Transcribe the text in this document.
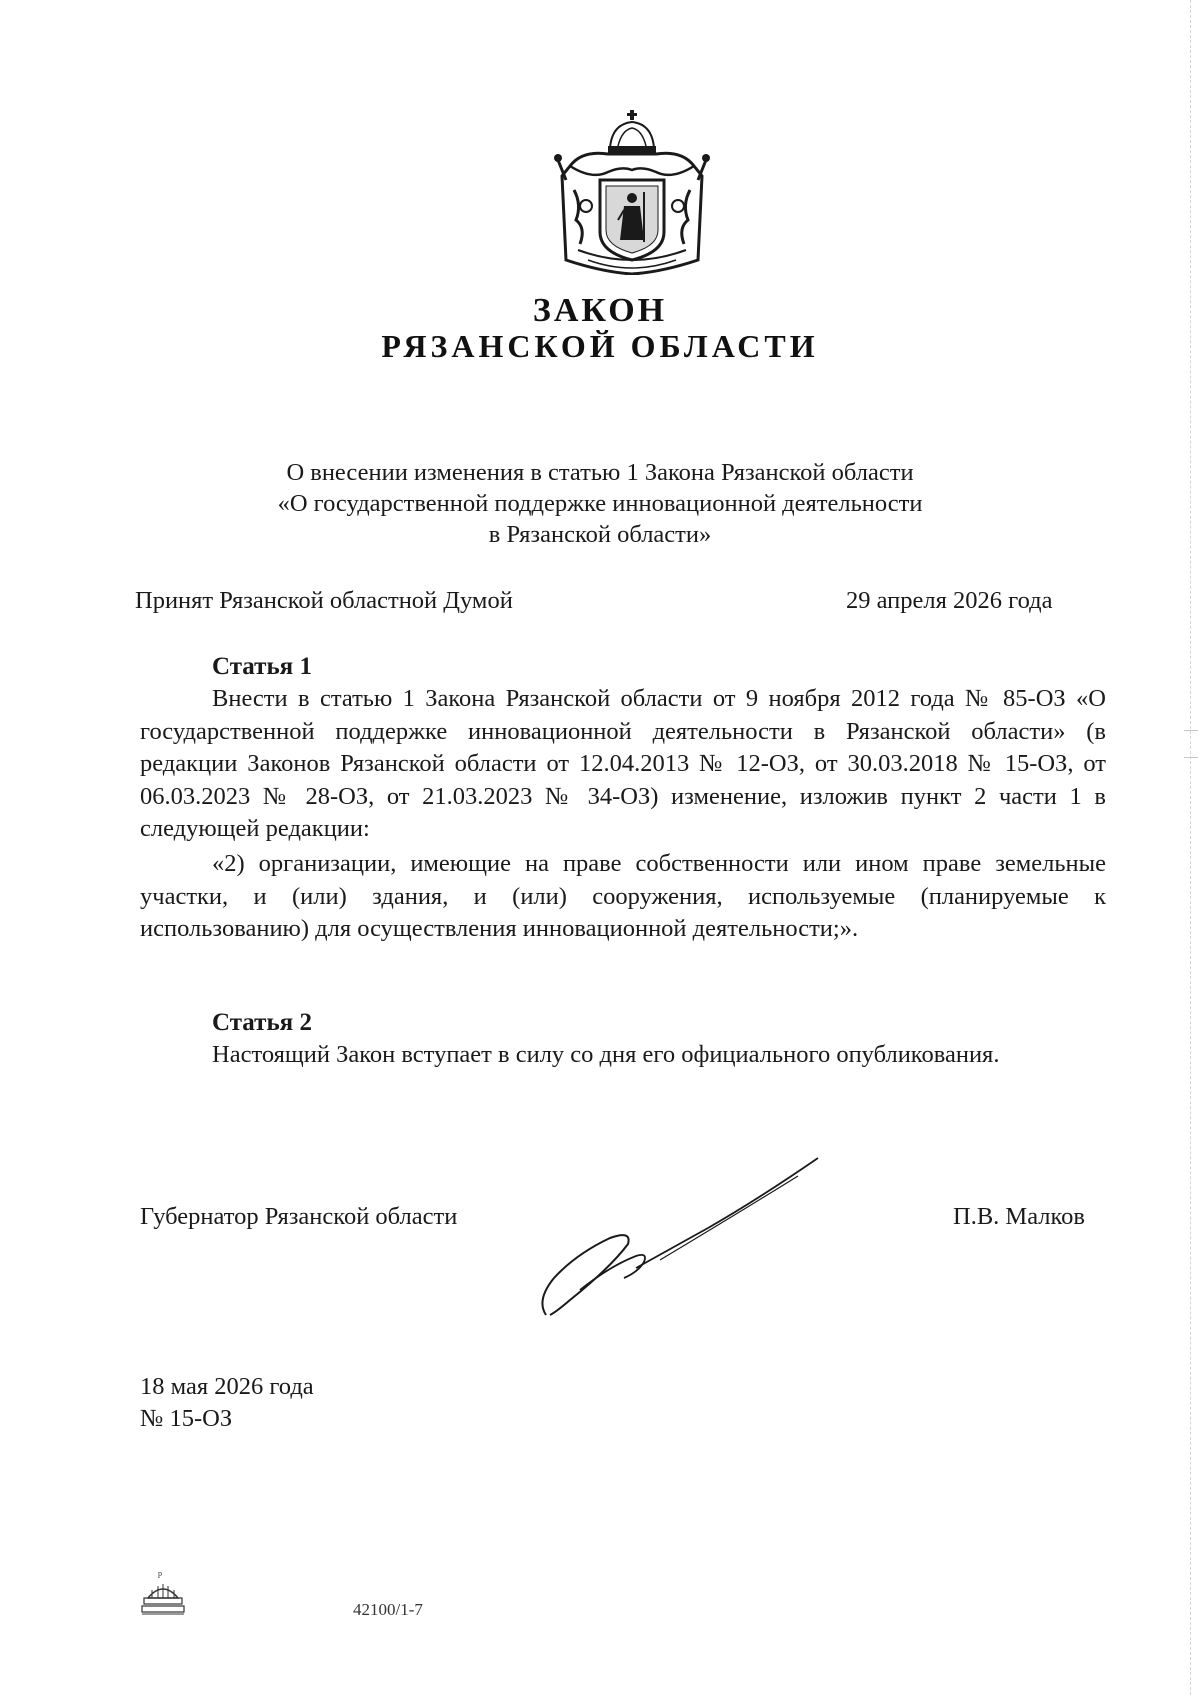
ЗАКОН
РЯЗАНСКОЙ ОБЛАСТИ
О внесении изменения в статью 1 Закона Рязанской области
«О государственной поддержке инновационной деятельности
в Рязанской области»
Принят Рязанской областной Думой	29 апреля 2026 года
Статья 1
Внести в статью 1 Закона Рязанской области от 9 ноября 2012 года № 85-ОЗ «О государственной поддержке инновационной деятельности в Рязанской области» (в редакции Законов Рязанской области от 12.04.2013 № 12-ОЗ, от 30.03.2018 № 15-ОЗ, от 06.03.2023 № 28-ОЗ, от 21.03.2023 № 34-ОЗ) изменение, изложив пункт 2 части 1 в следующей редакции:
«2) организации, имеющие на праве собственности или ином праве земельные участки, и (или) здания, и (или) сооружения, используемые (планируемые к использованию) для осуществления инновационной деятельности;».
Статья 2
Настоящий Закон вступает в силу со дня его официального опубликования.
Губернатор Рязанской области	П.В. Малков
18 мая 2026 года
№ 15-ОЗ
p
42100/1-7
